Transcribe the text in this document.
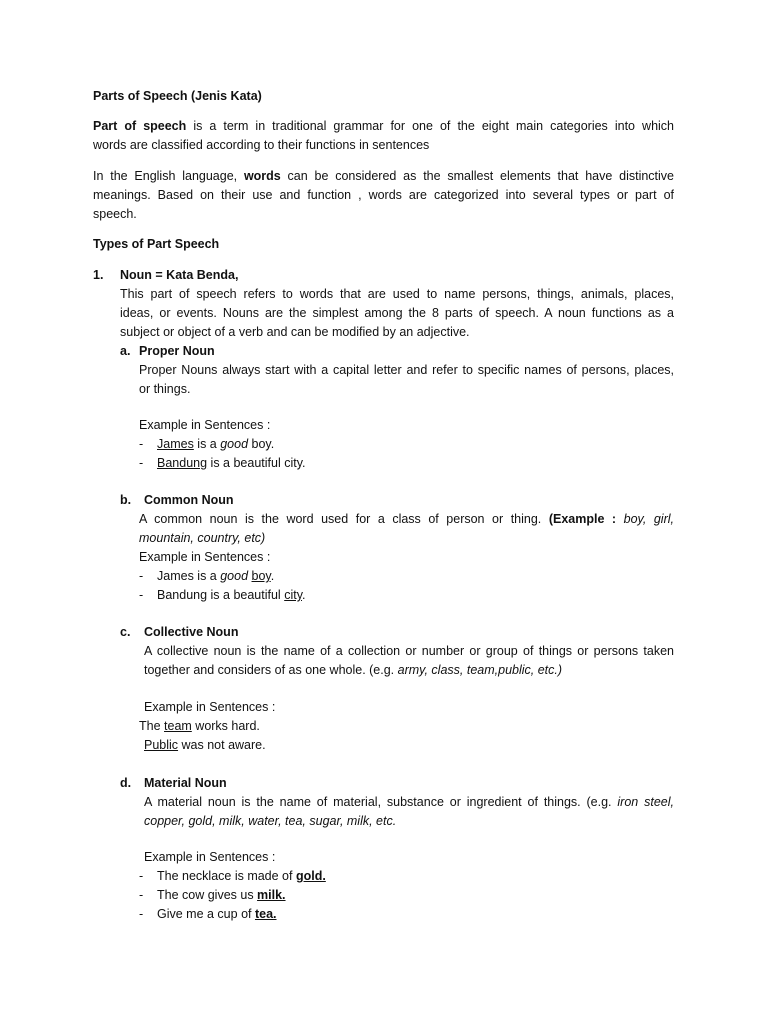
Parts of Speech (Jenis Kata)
Part of speech is a term in traditional grammar for one of the eight main categories into which
words are classified according to their functions in sentences
In the English language, words can be considered as the smallest elements that have distinctive
meanings. Based on their use and function , words are categorized into several types or part of
speech.
Types of Part Speech
1. Noun = Kata Benda,
This part of speech refers to words that are used to name persons, things, animals, places,
ideas, or events. Nouns are the simplest among the 8 parts of speech. A noun functions as a
subject or object of a verb and can be modified by an adjective.
a. Proper Noun
Proper Nouns always start with a capital letter and refer to specific names of persons, places,
or things.
Example in Sentences :
- James is a good boy.
- Bandung is a beautiful city.
b. Common Noun
A common noun is the word used for a class of person or thing. (Example : boy, girl,
mountain, country, etc)
Example in Sentences :
- James is a good boy.
- Bandung is a beautiful city.
c. Collective Noun
A collective noun is the name of a collection or number or group of things or persons taken
together and considers of as one whole. (e.g. army, class, team,public, etc.)
Example in Sentences :
The team works hard.
Public was not aware.
d. Material Noun
A material noun is the name of material, substance or ingredient of things. (e.g. iron steel,
copper, gold, milk, water, tea, sugar, milk, etc.
Example in Sentences :
- The necklace is made of gold.
- The cow gives us milk.
- Give me a cup of tea.
